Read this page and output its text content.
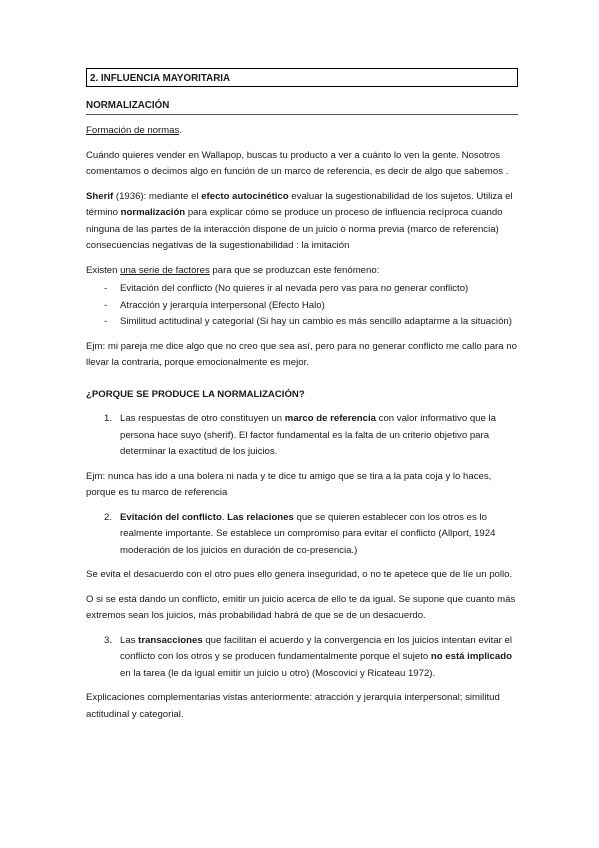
2. INFLUENCIA MAYORITARIA
NORMALIZACIÓN

Formación de normas.

Cuándo quieres vender en Wallapop, buscas tu producto a ver a cuánto lo ven la gente. Nosotros comentamos o decimos algo en función de un marco de referencia, es decir de algo que sabemos .

Sherif (1936): mediante el efecto autocinético evaluar la sugestionabilidad de los sujetos. Utiliza el término normalización para explicar cómo se produce un proceso de influencia recíproca cuando ninguna de las partes de la interacción dispone de un juicio o norma previa (marco de referencia) consecuencias negativas de la sugestionabilidad : la imitación

Existen una serie de factores para que se produzcan este fenómeno:

- Evitación del conflicto (No quieres ir al nevada pero vas para no generar conflicto)
- Atracción y jerarquía interpersonal (Efecto Halo)
- Similitud actitudinal y categorial (Si hay un cambio es más sencillo adaptarme a la situación)

Ejm: mi pareja me dice algo que no creo que sea así, pero para no generar conflicto me callo para no llevar la contraria, porque emocionalmente es mejor.

¿PORQUE SE PRODUCE LA NORMALIZACIÓN?

1. Las respuestas de otro constituyen un marco de referencia con valor informativo que la persona hace suyo (sherif). El factor fundamental es la falta de un criterio objetivo para determinar la exactitud de los juicios.

Ejm: nunca has ido a una bolera ni nada y te dice tu amigo que se tira a la pata coja y lo haces, porque es tu marco de referencia

2. Evitación del conflicto. Las relaciones que se quieren establecer con los otros es lo realmente importante. Se establece un compromiso para evitar el conflicto (Allport, 1924 moderación de los juicios en duración de co-presencia.)

Se evita el desacuerdo con el otro pues ello genera inseguridad, o no te apetece que de líe un pollo.

O si se está dando un conflicto, emitir un juicio acerca de ello te da igual. Se supone que cuanto más extremos sean los juicios, más probabilidad habrá de que se de un desacuerdo.

3. Las transacciones que facilitan el acuerdo y la convergencia en los juicios intentan evitar el conflicto con los otros y se producen fundamentalmente porque el sujeto no está implicado en la tarea (le da igual emitir un juicio u otro) (Moscovici y Ricateau 1972).

Explicaciones complementarias vistas anteriormente: atracción y jerarquía interpersonal; similitud actitudinal y categorial.
